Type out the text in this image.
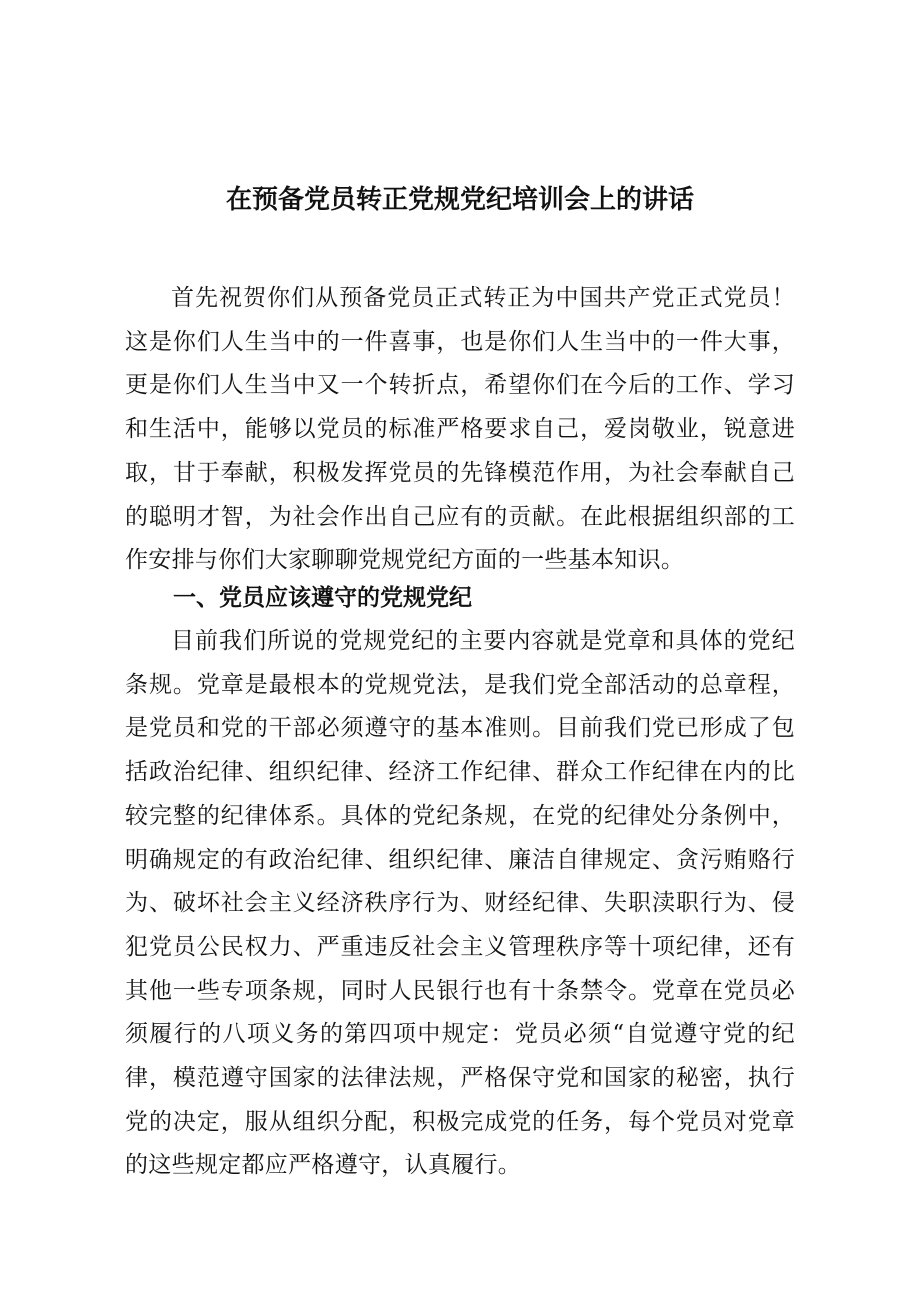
在预备党员转正党规党纪培训会上的讲话

首先祝贺你们从预备党员正式转正为中国共产党正式党员！这是你们人生当中的一件喜事，也是你们人生当中的一件大事，更是你们人生当中又一个转折点，希望你们在今后的工作、学习和生活中，能够以党员的标准严格要求自己，爱岗敬业，锐意进取，甘于奉献，积极发挥党员的先锋模范作用，为社会奉献自己的聪明才智，为社会作出自己应有的贡献。在此根据组织部的工作安排与你们大家聊聊党规党纪方面的一些基本知识。

一、党员应该遵守的党规党纪

目前我们所说的党规党纪的主要内容就是党章和具体的党纪条规。党章是最根本的党规党法，是我们党全部活动的总章程，是党员和党的干部必须遵守的基本准则。目前我们党已形成了包括政治纪律、组织纪律、经济工作纪律、群众工作纪律在内的比较完整的纪律体系。具体的党纪条规，在党的纪律处分条例中，明确规定的有政治纪律、组织纪律、廉洁自律规定、贪污贿赂行为、破坏社会主义经济秩序行为、财经纪律、失职渎职行为、侵犯党员公民权力、严重违反社会主义管理秩序等十项纪律，还有其他一些专项条规，同时人民银行也有十条禁令。党章在党员必须履行的八项义务的第四项中规定：党员必须“自觉遵守党的纪律，模范遵守国家的法律法规，严格保守党和国家的秘密，执行党的决定，服从组织分配，积极完成党的任务，每个党员对党章的这些规定都应严格遵守，认真履行。
